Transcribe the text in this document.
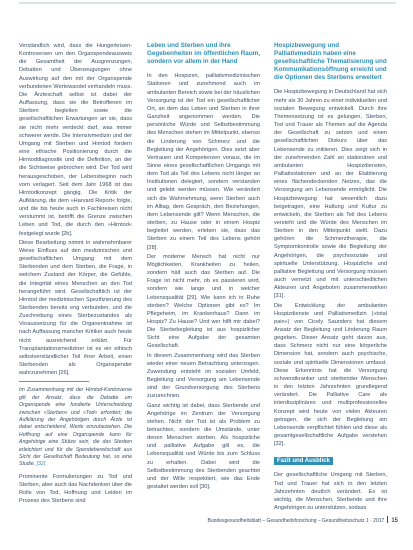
Verständlich wird, dass die Hungerkrisen-Kontroversen um den Organspendeausweis die Gesamtheit der Ausgrenzungen, Debatten und Überzeugungen ohne Auswirkung auf den mit der Organspende verbundenen Wertewandel verhandeln muss. Die Ärzteschaft selbst ist dabei der Auffassung, dass sie die Betroffenen im Sterben begleiten sowie die gesellschaftlichen Erwartungen an sie, dass sie nicht mehr verdeckt darf, was immer schwerer werde. Die Intensivmedizin und der Umgang mit Sterben und Hirntod fordern eine ethische Positionierung durch die Hirntoddiagnostik und die Definition, an der die Sichtweise gebrochen wird. Der Tod wird herausgeschoben, der Lebensbeginn nach vorn verlagert. Seit dem Jahr 1968 ist das Hirntodkonzept gängig. Die Kritik der Aufklärung, die dem »Harvard Report« folgte, und die bis heute auch in Fachkreisen nicht verstummt ist, betrifft die Grenze zwischen Leben und Tod, die durch den »Hirntod« festgelegt wurde [2b].

Diese Bearbeitung nimmt in wahrnehmbarer Weise Einfluss auf den medizinischen und gesellschaftlichen Umgang mit dem Sterbenden und dem Sterben, die Frage, in welchem Zustand der Körper, die Gefühle, die Integrität eines Menschen an den Tod herangeführt wird. Gesellschaftlich ist der Hirntod der medizinischen Spezifizierung des Sterbenden bereits eng verbunden, und die Zuschreibung eines Sterbezustandes als Voraussetzung für die Organentnahme ist nach Auffassung mancher Kritiker auch heute nicht ausreichend erklärt. Für Transplantationsmediziner ist es ein ethisch selbstverständlicher Teil ihrer Arbeit, einen Sterbenden als Organspender wahrzunehmen [26].

Im Zusammenhang mit der Hirntod-Kontroverse gilt der Ansatz, dass die Debatte um Organspende eine fundierte Unterscheidung zwischen »Sterben« und »Tod« erfordert; die Aufklärung der Angehörigen durch Ärzte ist dabei entscheidend, Werte einzubeziehen. Die Hoffnung auf eine Organspende kann für Angehörige eine Stütze sein, die das Sterben erleichtert und für die Spendebereitschaft aus Sicht der Gesellschaft Bedeutung hat, so eine Studie. [32]

Prominente Formulierungen zu Tod und Sterben, aber auch das Nachdenken über die Rolle von Tod, Hoffnung und Leiden im Prozess des Sterbens sind

Leben und Sterben und ihre Gegebenheiten im öffentlichen Raum, sondern vor allem in der Hand

In den Hospizen, palliativmedizinischen Stationen und zunehmend auch im ambulanten Bereich sowie bei der häuslichen Versorgung ist der Tod ein gesellschaftlicher Ort, an dem das Leben und Sterben in ihrer Ganzheit angenommen werden. Die persönliche Würde und Selbstbestimmung des Menschen stehen im Mittelpunkt, ebenso die Linderung von Schmerz und die Begleitung der Angehörigen. Dies setzt aber Vertrauen und Kompetenzen voraus, die im Sinne eines gesellschaftlichen Umgangs mit dem Tod als Teil des Lebens nicht länger an Institutionen delegiert, sondern verstanden und gelebt werden müssen. Wie verändert sich die Wahrnehmung, wenn Sterben auch im Alltag, dem Gespräch, den Beziehungen, dem Lebensende gilt? Wenn Menschen, die sterben, zu Hause oder in einem Hospiz begleitet werden, erleben sie, dass das Sterben zu einem Teil des Lebens gehört [28].

Der moderne Mensch hat nicht nur Möglichkeiten, Krankheiten zu heilen, sondern hält auch das Sterben auf. Die Frage ist nicht mehr, ob es passieren wird, sondern wie lange und in welcher Lebensqualität [29]. Wie kann ich in Ruhe sterben? Welche Optionen gibt es? Im Pflegeheim, im Krankenhaus? Dann im Hospiz? Zu Hause? Und wer hilft mir dabei? Die Sterbebegleitung ist aus hospizlicher Sicht eine Aufgabe der gesamten Gesellschaft.

In diesem Zusammenhang wird das Sterben wieder einer neuen Betrachtung unterzogen. Zuwendung entsteht im sozialen Umfeld, Begleitung und Versorgung am Lebensende sind der Grundversorgung des Sterbens zuzurechnen.

Ganz wichtig ist dabei, dass Sterbende und Angehörige im Zentrum der Versorgung stehen. Nicht der Tod ist als Problem zu betrachten, sondern die Umstände, unter denen Menschen sterben. Als hospizliche und palliative Aufgabe gilt es, die Lebensqualität und Würde bis zum Schluss zu erhalten. Dabei wird die Selbstbestimmung des Sterbenden geachtet und der Wille respektiert, wie das Ende gestaltet werden soll [30].

Hospizbewegung und Palliativmedizin haben eine gesellschaftliche Thematisierung und Kommunikationsöffnung erreicht und die Optionen des Sterbens erweitert

Die Hospizbewegung in Deutschland hat sich mehr als 30 Jahren zu einer individuellen und sozialen Bewegung entwickelt. Durch ihre Themensetzung ist es gelungen, Sterben, Tod und Trauer als Themen auf die Agenda der Gesellschaft zu setzen und einen gesellschaftlichen Diskurs über das Lebensende zu initiieren. Dies zeigt sich in der zunehmenden Zahl an stationären und ambulanten Hospizdiensten, Palliativstationen und an der Etablierung eines flächendeckenden Netzes, das die Versorgung am Lebensende ermöglicht. Die Hospizbewegung hat wesentlich dazu beigetragen, eine Haltung und Kultur zu entwickeln, die Sterben als Teil des Lebens versteht und die Würde des Menschen im Sterben in den Mittelpunkt stellt. Dazu gehören die Schmerztherapie, die Symptomkontrolle sowie die Begleitung der Angehörigen, die psychosoziale und spirituelle Unterstützung. Hospizliche und palliative Begleitung und Versorgung müssen auch vernetzt und mit unterschiedlichen Akteuren und Angeboten zusammenwirken [31].

Die Entwicklung der ambulanten Hospizdienste und Palliativmedizin (»total pain«) von Cicely Saunders hat diesem Ansatz der Begleitung und Linderung Raum gegeben. Dieser Ansatz geht davon aus, dass Schmerz nicht nur eine körperliche Dimension hat, sondern auch psychische, soziale und spirituelle Dimensionen umfasst. Diese Erkenntnis hat die Versorgung schwerstkranker und sterbender Menschen in den letzten Jahrzehnten grundlegend verändert. Die Palliative Care als interdisziplinäres und multiprofessionelles Konzept wird heute von vielen Akteuren getragen, die sich der Begleitung am Lebensende verpflichtet fühlen und diese als gesamtgesellschaftliche Aufgabe verstehen [32].

Fazit und Ausblick

Der gesellschaftliche Umgang mit Sterben, Tod und Trauer hat sich in den letzten Jahrzehnten deutlich verändert. Es ist wichtig, die Menschen, Sterbende und ihre Angehörigen zu unterstützen, sodass

Bundesgesundheitsblatt – Gesundheitsforschung – Gesundheitsschutz 1 · 2017 15
